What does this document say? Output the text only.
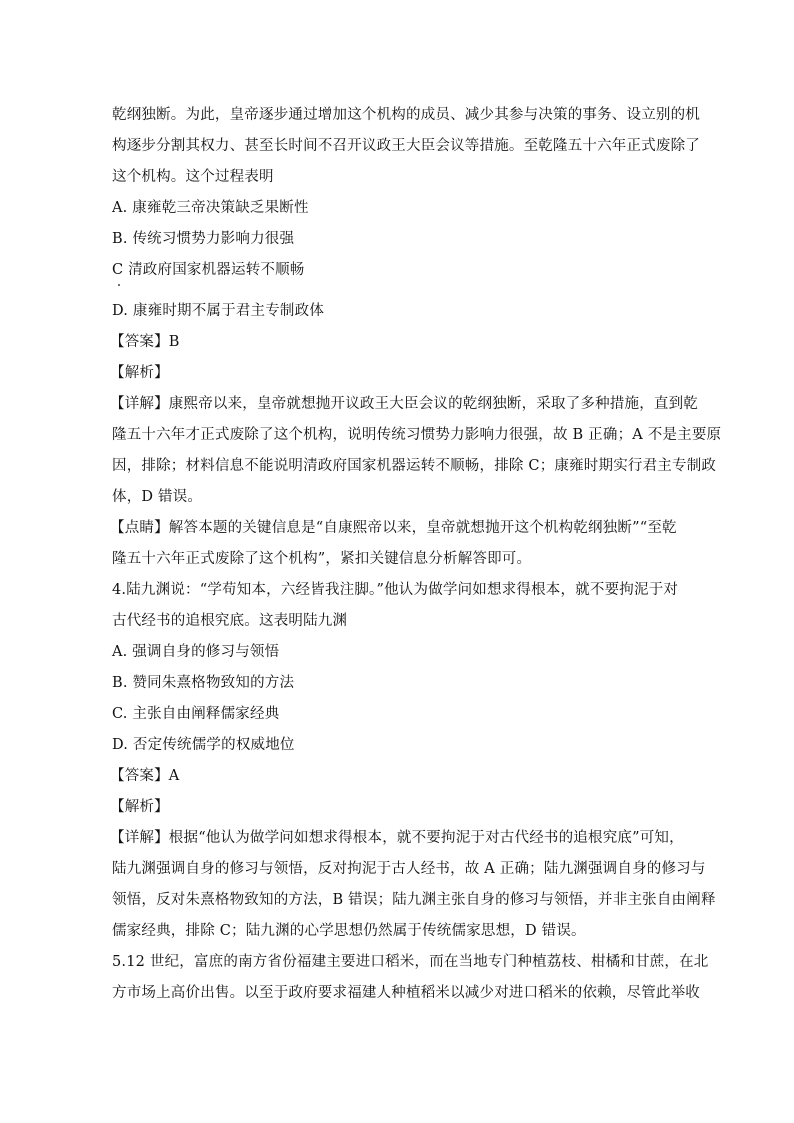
乾纲独断。为此，皇帝逐步通过增加这个机构的成员、减少其参与决策的事务、设立别的机
构逐步分割其权力、甚至长时间不召开议政王大臣会议等措施。至乾隆五十六年正式废除了
这个机构。这个过程表明
A. 康雍乾三帝决策缺乏果断性
B. 传统习惯势力影响力很强
C 清政府国家机器运转不顺畅
D. 康雍时期不属于君主专制政体
【答案】B
【解析】
【详解】康熙帝以来，皇帝就想抛开议政王大臣会议的乾纲独断，采取了多种措施，直到乾
隆五十六年才正式废除了这个机构，说明传统习惯势力影响力很强，故 B 正确；A 不是主要原
因，排除；材料信息不能说明清政府国家机器运转不顺畅，排除 C；康雍时期实行君主专制政
体，D 错误。
【点睛】解答本题的关键信息是“自康熙帝以来，皇帝就想抛开这个机构乾纲独断”“至乾
隆五十六年正式废除了这个机构”，紧扣关键信息分析解答即可。
4.陆九渊说：“学苟知本，六经皆我注脚。”他认为做学问如想求得根本，就不要拘泥于对
古代经书的追根究底。这表明陆九渊
A. 强调自身的修习与领悟
B. 赞同朱熹格物致知的方法
C. 主张自由阐释儒家经典
D. 否定传统儒学的权威地位
【答案】A
【解析】
【详解】根据“他认为做学问如想求得根本，就不要拘泥于对古代经书的追根究底”可知，
陆九渊强调自身的修习与领悟，反对拘泥于古人经书，故 A 正确；陆九渊强调自身的修习与
领悟，反对朱熹格物致知的方法，B 错误；陆九渊主张自身的修习与领悟，并非主张自由阐释
儒家经典，排除 C；陆九渊的心学思想仍然属于传统儒家思想，D 错误。
5.12 世纪，富庶的南方省份福建主要进口稻米，而在当地专门种植荔枝、柑橘和甘蔗，在北
方市场上高价出售。以至于政府要求福建人种植稻米以减少对进口稻米的依赖，尽管此举收
